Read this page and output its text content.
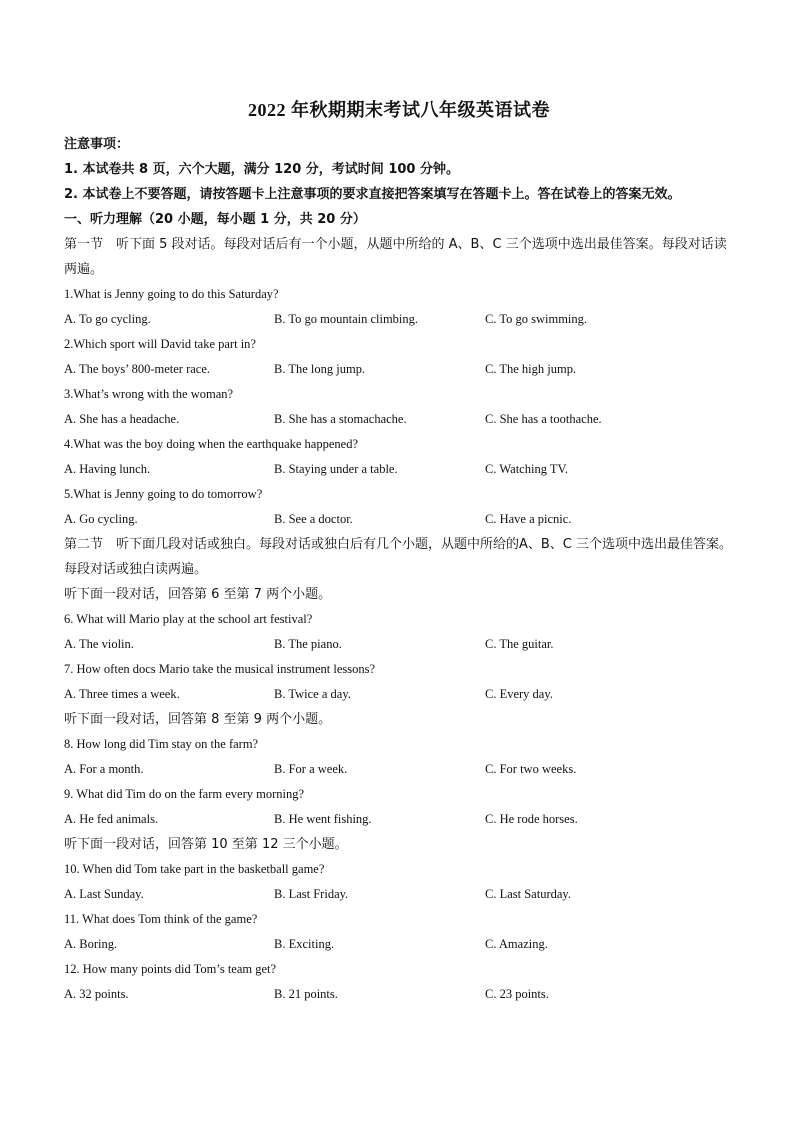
2022 年秋期期末考试八年级英语试卷

注意事项：

1. 本试卷共 8 页，六个大题，满分 120 分，考试时间 100 分钟。

2. 本试卷上不要答题，请按答题卡上注意事项的要求直接把答案填写在答题卡上。答在试卷上的答案无效。

一、听力理解（20 小题，每小题 1 分，共 20 分）

第一节　听下面 5 段对话。每段对话后有一个小题，从题中所给的 A、B、C 三个选项中选出最佳答案。每段对话读两遍。

1.What is Jenny going to do this Saturday?

A. To go cycling.	B. To go mountain climbing.	C. To go swimming.

2.Which sport will David take part in?

A. The boys’ 800-meter race.	B. The long jump.	C. The high jump.

3.What’s wrong with the woman?

A. She has a headache.	B. She has a stomachache.	C. She has a toothache.

4.What was the boy doing when the earthquake happened?

A. Having lunch.	B. Staying under a table.	C. Watching TV.

5.What is Jenny going to do tomorrow?

A. Go cycling.	B. See a doctor.	C. Have a picnic.

第二节　听下面几段对话或独白。每段对话或独白后有几个小题，从题中所给的A、B、C 三个选项中选出最佳答案。每段对话或独白读两遍。

听下面一段对话，回答第 6 至第 7 两个小题。

6. What will Mario play at the school art festival?

A. The violin.	B. The piano.	C. The guitar.

7. How often docs Mario take the musical instrument lessons?

A. Three times a week.	B. Twice a day.	C. Every day.

听下面一段对话，回答第 8 至第 9 两个小题。

8. How long did Tim stay on the farm?

A. For a month.	B. For a week.	C. For two weeks.

9. What did Tim do on the farm every morning?

A. He fed animals.	B. He went fishing.	C. He rode horses.

听下面一段对话，回答第 10 至第 12 三个小题。

10. When did Tom take part in the basketball game?

A. Last Sunday.	B. Last Friday.	C. Last Saturday.

11. What does Tom think of the game?

A. Boring.	B. Exciting.	C. Amazing.

12. How many points did Tom’s team get?

A. 32 points.	B. 21 points.	C. 23 points.
